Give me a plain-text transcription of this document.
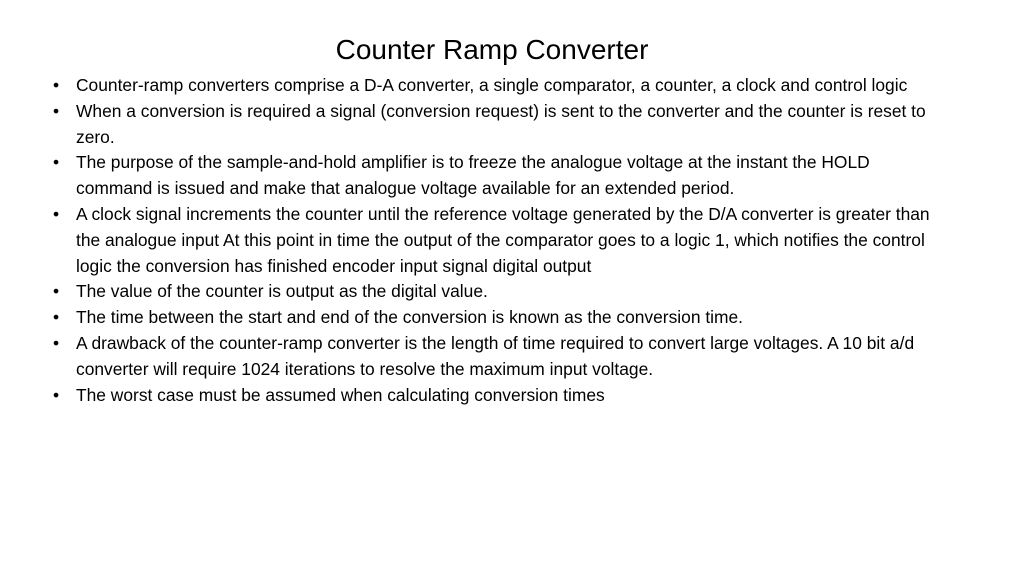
Counter Ramp Converter
• Counter-ramp converters comprise a D-A converter, a single comparator, a counter, a clock and control logic
• When a conversion is required a signal (conversion request) is sent to the converter and the counter is reset to zero.
• The purpose of the sample-and-hold amplifier is to freeze the analogue voltage at the instant the HOLD command is issued and make that analogue voltage available for an extended period.
• A clock signal increments the counter until the reference voltage generated by the D/A converter is greater than the analogue input At this point in time the output of the comparator goes to a logic 1, which notifies the control logic the conversion has finished encoder input signal digital output
• The value of the counter is output as the digital value.
• The time between the start and end of the conversion is known as the conversion time.
• A drawback of the counter-ramp converter is the length of time required to convert large voltages. A 10 bit a/d converter will require 1024 iterations to resolve the maximum input voltage.
• The worst case must be assumed when calculating conversion times
